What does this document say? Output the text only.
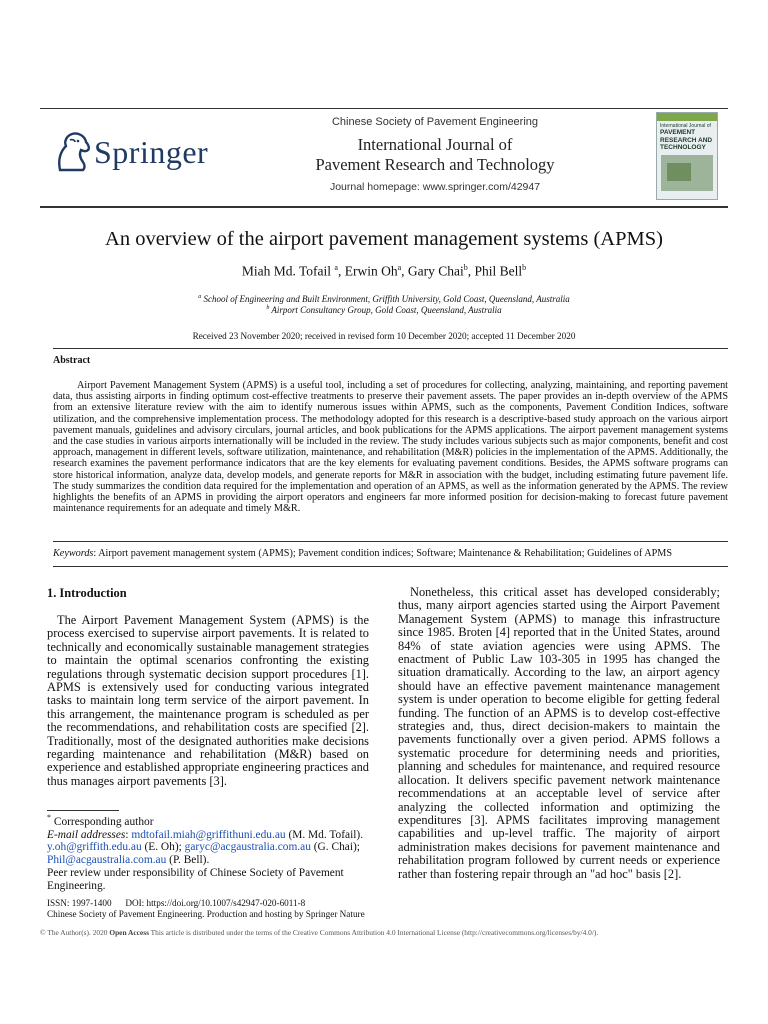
Springer
Chinese Society of Pavement Engineering
International Journal of
Pavement Research and Technology
Journal homepage: www.springer.com/42947
International Journal of
PAVEMENT
RESEARCH AND
TECHNOLOGY
An overview of the airport pavement management systems (APMS)
Miah Md. Tofail $^a$, Erwin Oh$^a$, Gary Chai$^b$, Phil Bell$^b$
$^a$ School of Engineering and Built Environment, Griffith University, Gold Coast, Queensland, Australia
$^b$ Airport Consultancy Group, Gold Coast, Queensland, Australia
Received 23 November 2020; received in revised form 10 December 2020; accepted 11 December 2020
Abstract

Airport Pavement Management System (APMS) is a useful tool, including a set of procedures for collecting, analyzing, maintaining, and reporting pavement data, thus assisting airports in finding optimum cost-effective treatments to preserve their pavement assets. The paper provides an in-depth overview of the APMS from an extensive literature review with the aim to identify numerous issues within APMS, such as the components, Pavement Condition Indices, software utilization, and the comprehensive implementation process. The methodology adopted for this research is a descriptive-based study approach on the various airport pavement manuals, guidelines and advisory circulars, journal articles, and book publications for the APMS applications. The airport pavement management systems and the case studies in various airports internationally will be included in the review. The study includes various subjects such as major components, benefit and cost approach, management in different levels, software utilization, maintenance, and rehabilitation (M&R) policies in the implementation of the APMS. Additionally, the research examines the pavement performance indicators that are the key elements for evaluating pavement conditions. Besides, the APMS software programs can store historical information, analyze data, develop models, and generate reports for M&R in association with the budget, including estimating future pavement life. The study summarizes the condition data required for the implementation and operation of an APMS, as well as the information generated by the APMS. The review highlights the benefits of an APMS in providing the airport operators and engineers far more informed position for decision-making to forecast future pavement maintenance requirements for an adequate and timely M&R.

Keywords: Airport pavement management system (APMS); Pavement condition indices; Software; Maintenance & Rehabilitation; Guidelines of APMS
1. Introduction

The Airport Pavement Management System (APMS) is the process exercised to supervise airport pavements. It is related to technically and economically sustainable management strategies to maintain the optimal scenarios confronting the existing regulations through systematic decision support procedures [1]. APMS is extensively used for conducting various integrated tasks to maintain long term service of the airport pavement. In this arrangement, the maintenance program is scheduled as per the recommendations, and rehabilitation costs are specified [2]. Traditionally, most of the designated authorities make decisions regarding maintenance and rehabilitation (M&R) based on experience and established appropriate engineering practices and thus manages airport pavements [3].

Nonetheless, this critical asset has developed considerably; thus, many airport agencies started using the Airport Pavement Management System (APMS) to manage this infrastructure since 1985. Broten [4] reported that in the United States, around 84% of state aviation agencies were using APMS. The enactment of Public Law 103-305 in 1995 has changed the situation dramatically. According to the law, an airport agency should have an effective pavement maintenance management system is under operation to become eligible for getting federal funding. The function of an APMS is to develop cost-effective strategies and, thus, direct decision-makers to maintain the pavements functionally over a given period. APMS follows a systematic procedure for determining needs and priorities, planning and schedules for maintenance, and required resource allocation. It delivers specific pavement network maintenance recommendations at an acceptable level of service after analyzing the collected information and optimizing the expenditures [3]. APMS facilitates improving management capabilities and up-level traffic. The majority of airport administration makes decisions for pavement maintenance and rehabilitation program followed by current needs or experience rather than fostering repair through an "ad hoc" basis [2].

* Corresponding author
E-mail addresses: mdtofail.miah@griffithuni.edu.au (M. Md. Tofail). y.oh@griffith.edu.au (E. Oh); garyc@acgaustralia.com.au (G. Chai); Phil@acgaustralia.com.au (P. Bell).
Peer review under responsibility of Chinese Society of Pavement Engineering.
ISSN: 1997-1400      DOI: https://doi.org/10.1007/s42947-020-6011-8
Chinese Society of Pavement Engineering. Production and hosting by Springer Nature
© The Author(s). 2020 Open Access This article is distributed under the terms of the Creative Commons Attribution 4.0 International License (http://creativecommons.org/licenses/by/4.0/).
